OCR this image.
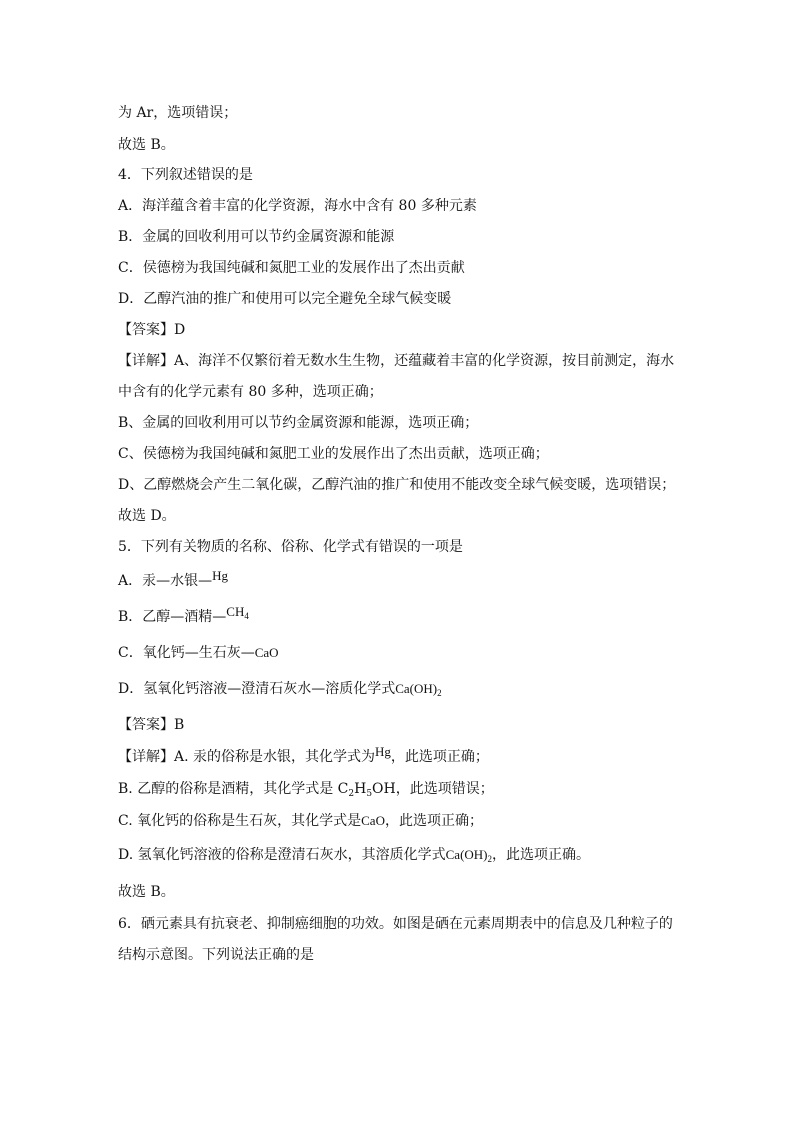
为 Ar，选项错误；
故选 B。
4．下列叙述错误的是
A．海洋蕴含着丰富的化学资源，海水中含有 80 多种元素
B．金属的回收利用可以节约金属资源和能源
C．侯德榜为我国纯碱和氮肥工业的发展作出了杰出贡献
D．乙醇汽油的推广和使用可以完全避免全球气候变暖
【答案】D
【详解】A、海洋不仅繁衍着无数水生生物，还蕴藏着丰富的化学资源，按目前测定，海水
中含有的化学元素有 80 多种，选项正确；
B、金属的回收利用可以节约金属资源和能源，选项正确；
C、侯德榜为我国纯碱和氮肥工业的发展作出了杰出贡献，选项正确；
D、乙醇燃烧会产生二氧化碳，乙醇汽油的推广和使用不能改变全球气候变暖，选项错误；
故选 D。
5．下列有关物质的名称、俗称、化学式有错误的一项是
A．汞—水银—Hg
B．乙醇—酒精$—CH_4$
C．氧化钙—生石灰—CaO
D．氢氧化钙溶液—澄清石灰水—溶质化学式$Ca(OH)_2$
【答案】B
【详解】A. 汞的俗称是水银，其化学式为Hg，此选项正确；
B. 乙醇的俗称是酒精，其化学式是 $C_2H_5OH$，此选项错误；
C. 氧化钙的俗称是生石灰，其化学式是CaO，此选项正确；
D. 氢氧化钙溶液的俗称是澄清石灰水，其溶质化学式$Ca(OH)_2$，此选项正确。
故选 B。
6．硒元素具有抗衰老、抑制癌细胞的功效。如图是硒在元素周期表中的信息及几种粒子的
结构示意图。下列说法正确的是
